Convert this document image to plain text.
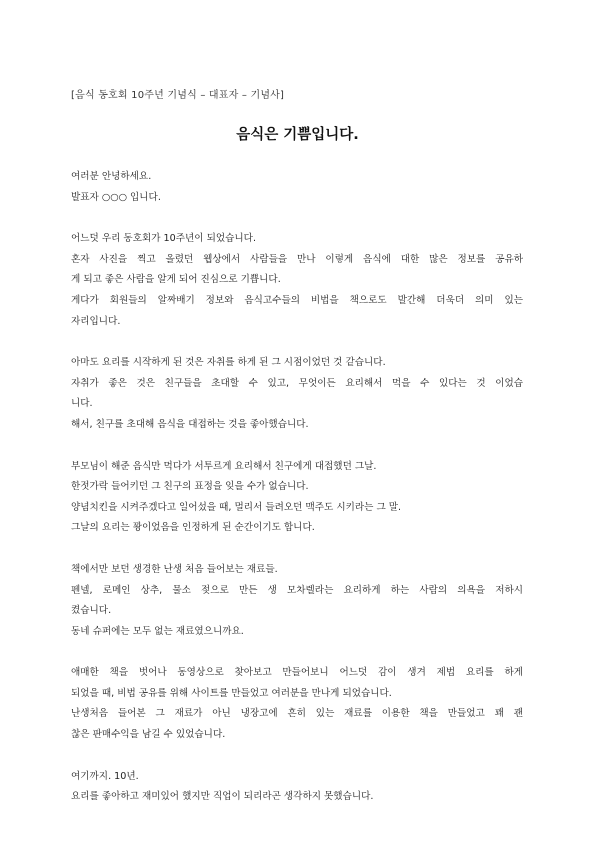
[음식 동호회 10주년 기념식 – 대표자 – 기념사]
음식은 기쁨입니다.
여러분 안녕하세요.
발표자 ○○○ 입니다.
어느덧 우리 동호회가 10주년이 되었습니다.
혼자 사진을 찍고 올렸던 웹상에서 사람들을 만나 이렇게 음식에 대한 많은 정보를 공유하
게 되고 좋은 사람을 알게 되어 진심으로 기쁩니다.
게다가 회원들의 알짜배기 정보와 음식고수들의 비법을 책으로도 발간해 더욱더 의미 있는
자리입니다.
아마도 요리를 시작하게 된 것은 자취를 하게 된 그 시점이었던 것 같습니다.
자취가 좋은 것은 친구들을 초대할 수 있고, 무엇이든 요리해서 먹을 수 있다는 것 이었습
니다.
해서, 친구를 초대해 음식을 대접하는 것을 좋아했습니다.
부모님이 해준 음식만 먹다가 서투르게 요리해서 친구에게 대접했던 그날.
한젓가락 들어키던 그 친구의 표정을 잊을 수가 없습니다.
양념치킨을 시켜주겠다고 일어섰을 때, 멀리서 들려오던 맥주도 시키라는 그 말.
그날의 요리는 꽝이었음을 인정하게 된 순간이기도 합니다.
책에서만 보던 생경한 난생 처음 들어보는 재료들.
펜넬, 로메인 상추, 물소 젖으로 만든 생 모차렐라는 요리하게 하는 사람의 의욕을 저하시
켰습니다.
동네 슈퍼에는 모두 없는 재료였으니까요.
애매한 책을 벗어나 동영상으로 찾아보고 만들어보니 어느덧 감이 생겨 제법 요리를 하게
되었을 때, 비법 공유를 위해 사이트를 만들었고 여러분을 만나게 되었습니다.
난생처음 들어본 그 재료가 아닌 냉장고에 흔히 있는 재료를 이용한 책을 만들었고 꽤 괜
찮은 판매수익을 남길 수 있었습니다.
여기까지. 10년.
요리를 좋아하고 재미있어 했지만 직업이 되리라곤 생각하지 못했습니다.
